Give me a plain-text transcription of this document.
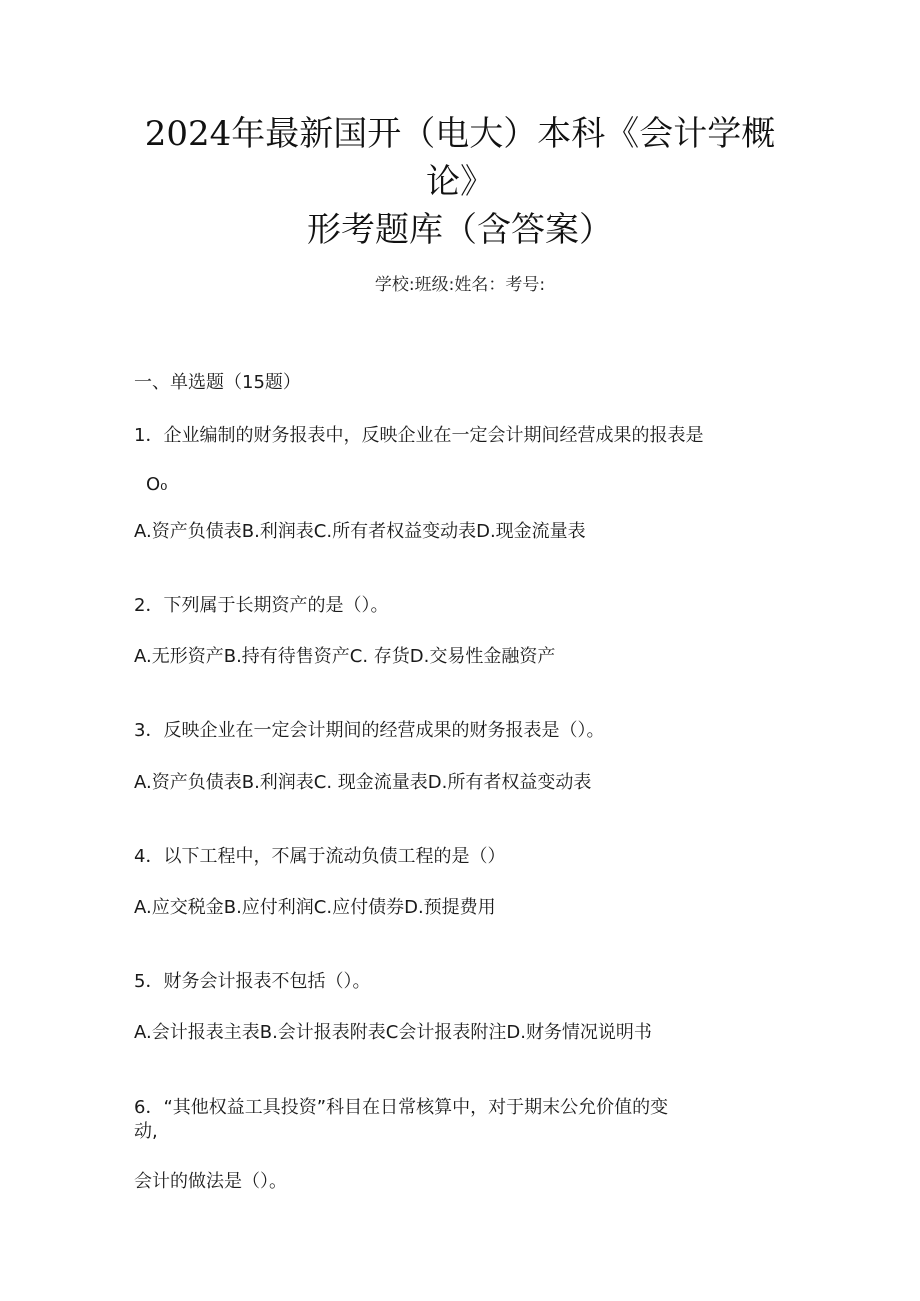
2024年最新国开（电大）本科《会计学概
论》
形考题库（含答案）
学校:班级:姓名：考号:
一、单选题（15题）
1．企业编制的财务报表中，反映企业在一定会计期间经营成果的报表是
O₀
A.资产负债表B.利润表C.所有者权益变动表D.现金流量表
2．下列属于长期资产的是（）。
A.无形资产B.持有待售资产C. 存货D.交易性金融资产
3．反映企业在一定会计期间的经营成果的财务报表是（）。
A.资产负债表B.利润表C. 现金流量表D.所有者权益变动表
4．以下工程中，不属于流动负债工程的是（）
A.应交税金B.应付利润C.应付债券D.预提费用
5．财务会计报表不包括（）。
A.会计报表主表B.会计报表附表C会计报表附注D.财务情况说明书
6．“其他权益工具投资”科目在日常核算中，对于期末公允价值的变
动,
会计的做法是（）。
